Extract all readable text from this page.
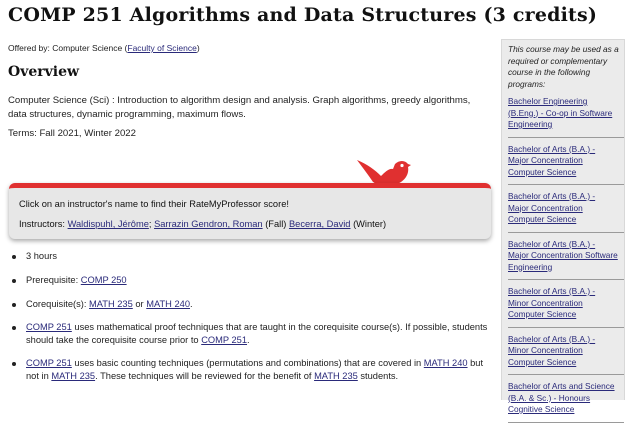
COMP 251 Algorithms and Data Structures (3 credits)
Offered by: Computer Science (Faculty of Science)
Overview
Computer Science (Sci) : Introduction to algorithm design and analysis. Graph algorithms, greedy algorithms, data structures, dynamic programming, maximum flows.
Terms: Fall 2021, Winter 2022
Click on an instructor's name to find their RateMyProfessor score!
Instructors: Waldispuhl, Jérôme; Sarrazin Gendron, Roman (Fall) Becerra, David (Winter)
3 hours
Prerequisite: COMP 250
Corequisite(s): MATH 235 or MATH 240.
COMP 251 uses mathematical proof techniques that are taught in the corequisite course(s). If possible, students should take the corequisite course prior to COMP 251.
COMP 251 uses basic counting techniques (permutations and combinations) that are covered in MATH 240 but not in MATH 235. These techniques will be reviewed for the benefit of MATH 235 students.
This course may be used as a required or complementary course in the following programs:
Bachelor Engineering (B.Eng.) - Co-op in Software Engineering
Bachelor of Arts (B.A.) - Major Concentration Computer Science
Bachelor of Arts (B.A.) - Major Concentration Computer Science
Bachelor of Arts (B.A.) - Major Concentration Software Engineering
Bachelor of Arts (B.A.) - Minor Concentration Computer Science
Bachelor of Arts (B.A.) - Minor Concentration Computer Science
Bachelor of Arts and Science (B.A. & Sc.) - Honours Cognitive Science
